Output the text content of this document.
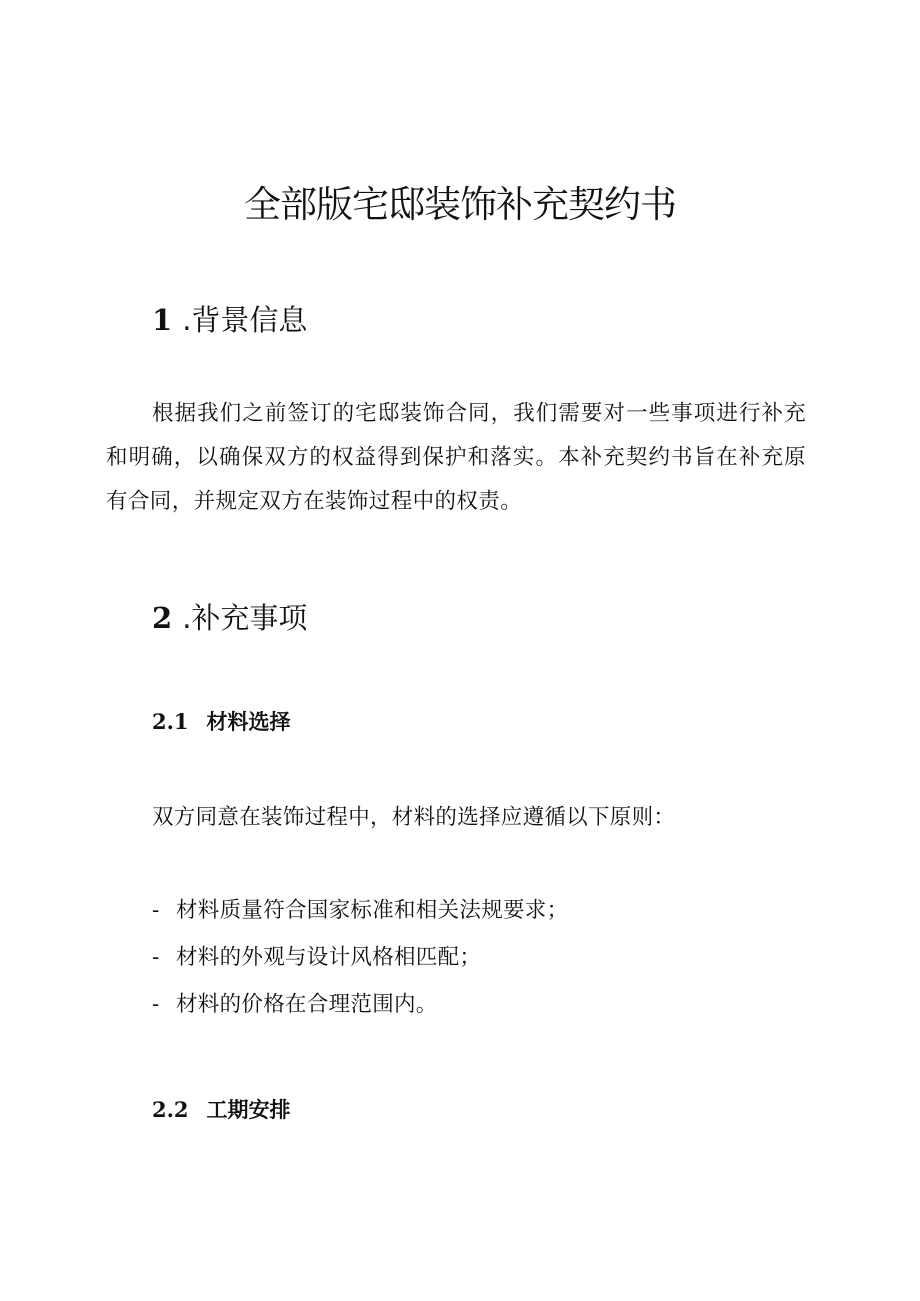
全部版宅邸装饰补充契约书
1 .背景信息

根据我们之前签订的宅邸装饰合同，我们需要对一些事项进行补充和明确，以确保双方的权益得到保护和落实。本补充契约书旨在补充原有合同，并规定双方在装饰过程中的权责。

2 .补充事项
2.1 材料选择

双方同意在装饰过程中，材料的选择应遵循以下原则：

- 材料质量符合国家标准和相关法规要求；
- 材料的外观与设计风格相匹配；
- 材料的价格在合理范围内。
2.2 工期安排
